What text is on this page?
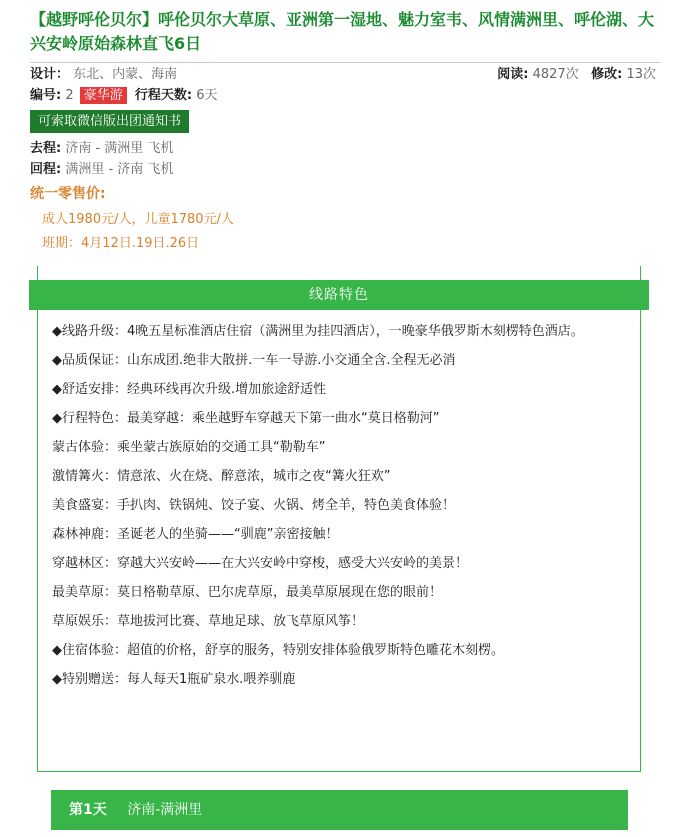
【越野呼伦贝尔】呼伦贝尔大草原、亚洲第一湿地、魅力室韦、风情满洲里、呼伦湖、大兴安岭原始森林直飞6日
设计： 东北、内蒙、海南	阅读: 4827次 修改: 13次
编号: 2 豪华游 行程天数: 6天
可索取微信版出团通知书
去程: 济南 - 满洲里 飞机
回程: 满洲里 - 济南 飞机
统一零售价:
成人1980元/人，儿童1780元/人
班期：4月12日.19日.26日
线路特色
◆线路升级：4晚五星标准酒店住宿（满洲里为挂四酒店），一晚豪华俄罗斯木刻楞特色酒店。
◆品质保证：山东成团.绝非大散拼.一车一导游.小交通全含.全程无必消
◆舒适安排：经典环线再次升级.增加旅途舒适性
◆行程特色：最美穿越：乘坐越野车穿越天下第一曲水“莫日格勒河”
蒙古体验：乘坐蒙古族原始的交通工具“勒勒车”
激情篝火：情意浓、火在烧、醉意浓，城市之夜“篝火狂欢”
美食盛宴：手扒肉、铁锅炖、饺子宴、火锅、烤全羊，特色美食体验！
森林神鹿：圣诞老人的坐骑——“驯鹿”亲密接触！
穿越林区：穿越大兴安岭——在大兴安岭中穿梭，感受大兴安岭的美景！
最美草原：莫日格勒草原、巴尔虎草原，最美草原展现在您的眼前！
草原娱乐：草地拔河比赛、草地足球、放飞草原风筝！
◆住宿体验：超值的价格，舒享的服务，特别安排体验俄罗斯特色雕花木刻楞。
◆特别赠送：每人每天1瓶矿泉水.喂养驯鹿
第1天 济南-满洲里
